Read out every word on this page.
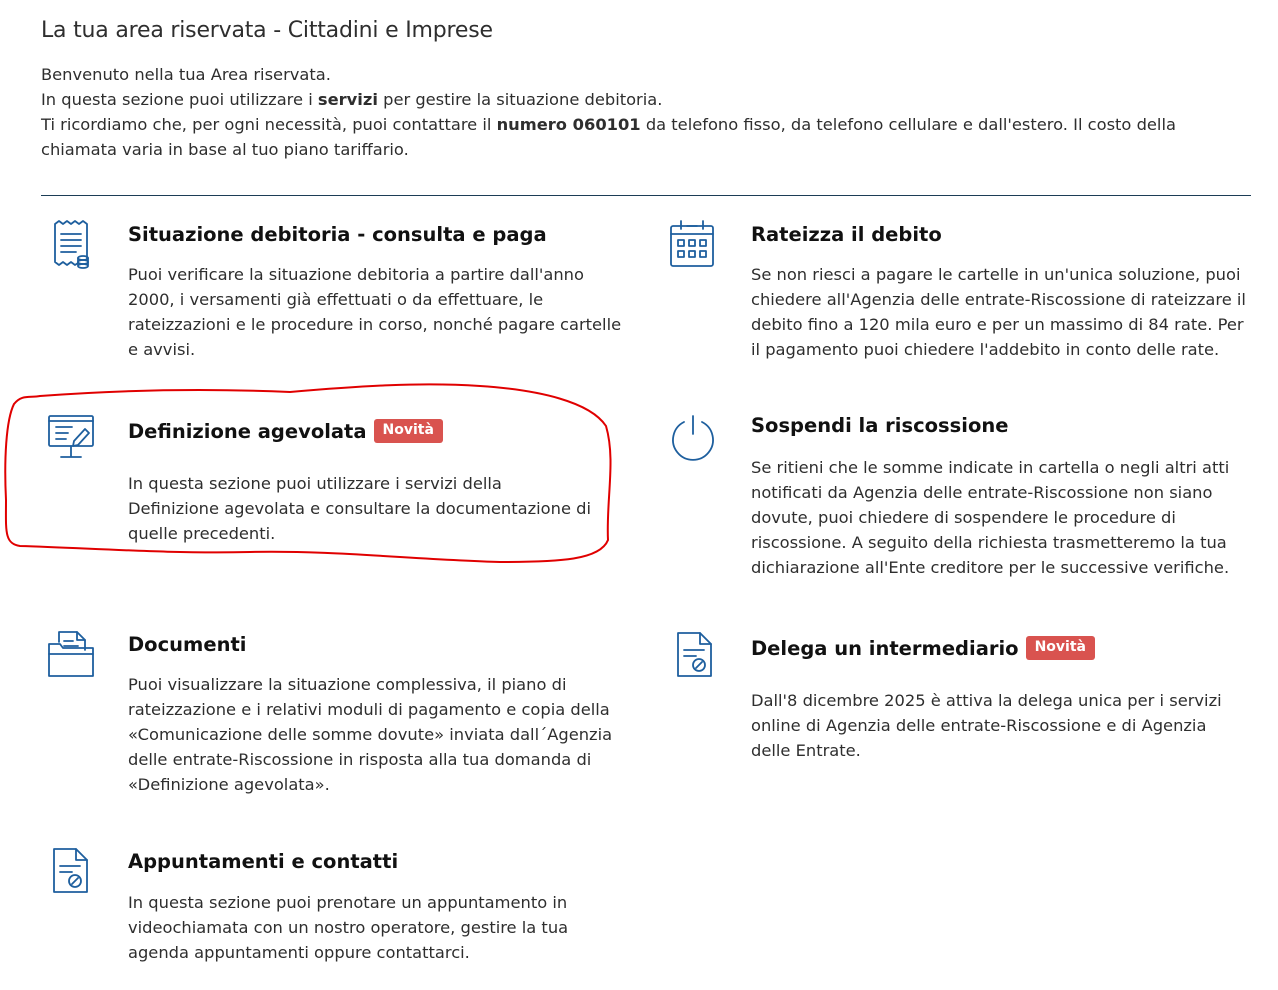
La tua area riservata - Cittadini e Imprese

Benvenuto nella tua Area riservata.

In questa sezione puoi utilizzare i servizi per gestire la situazione debitoria.

Ti ricordiamo che, per ogni necessità, puoi contattare il numero 060101 da telefono fisso, da telefono cellulare e dall'estero. Il costo della chiamata varia in base al tuo piano tariffario.

Situazione debitoria - consulta e paga

Puoi verificare la situazione debitoria a partire dall'anno 2000, i versamenti già effettuati o da effettuare, le rateizzazioni e le procedure in corso, nonché pagare cartelle e avvisi.

Rateizza il debito

Se non riesci a pagare le cartelle in un'unica soluzione, puoi chiedere all'Agenzia delle entrate-Riscossione di rateizzare il debito fino a 120 mila euro e per un massimo di 84 rate. Per il pagamento puoi chiedere l'addebito in conto delle rate.

Definizione agevolata	Novità

In questa sezione puoi utilizzare i servizi della Definizione agevolata e consultare la documentazione di quelle precedenti.

Sospendi la riscossione

Se ritieni che le somme indicate in cartella o negli altri atti notificati da Agenzia delle entrate-Riscossione non siano dovute, puoi chiedere di sospendere le procedure di riscossione. A seguito della richiesta trasmetteremo la tua dichiarazione all'Ente creditore per le successive verifiche.

Documenti

Puoi visualizzare la situazione complessiva, il piano di rateizzazione e i relativi moduli di pagamento e copia della «Comunicazione delle somme dovute» inviata dall´Agenzia delle entrate-Riscossione in risposta alla tua domanda di «Definizione agevolata».

Delega un intermediario	Novità

Dall'8 dicembre 2025 è attiva la delega unica per i servizi online di Agenzia delle entrate-Riscossione e di Agenzia delle Entrate.

Appuntamenti e contatti

In questa sezione puoi prenotare un appuntamento in videochiamata con un nostro operatore, gestire la tua agenda appuntamenti oppure contattarci.
